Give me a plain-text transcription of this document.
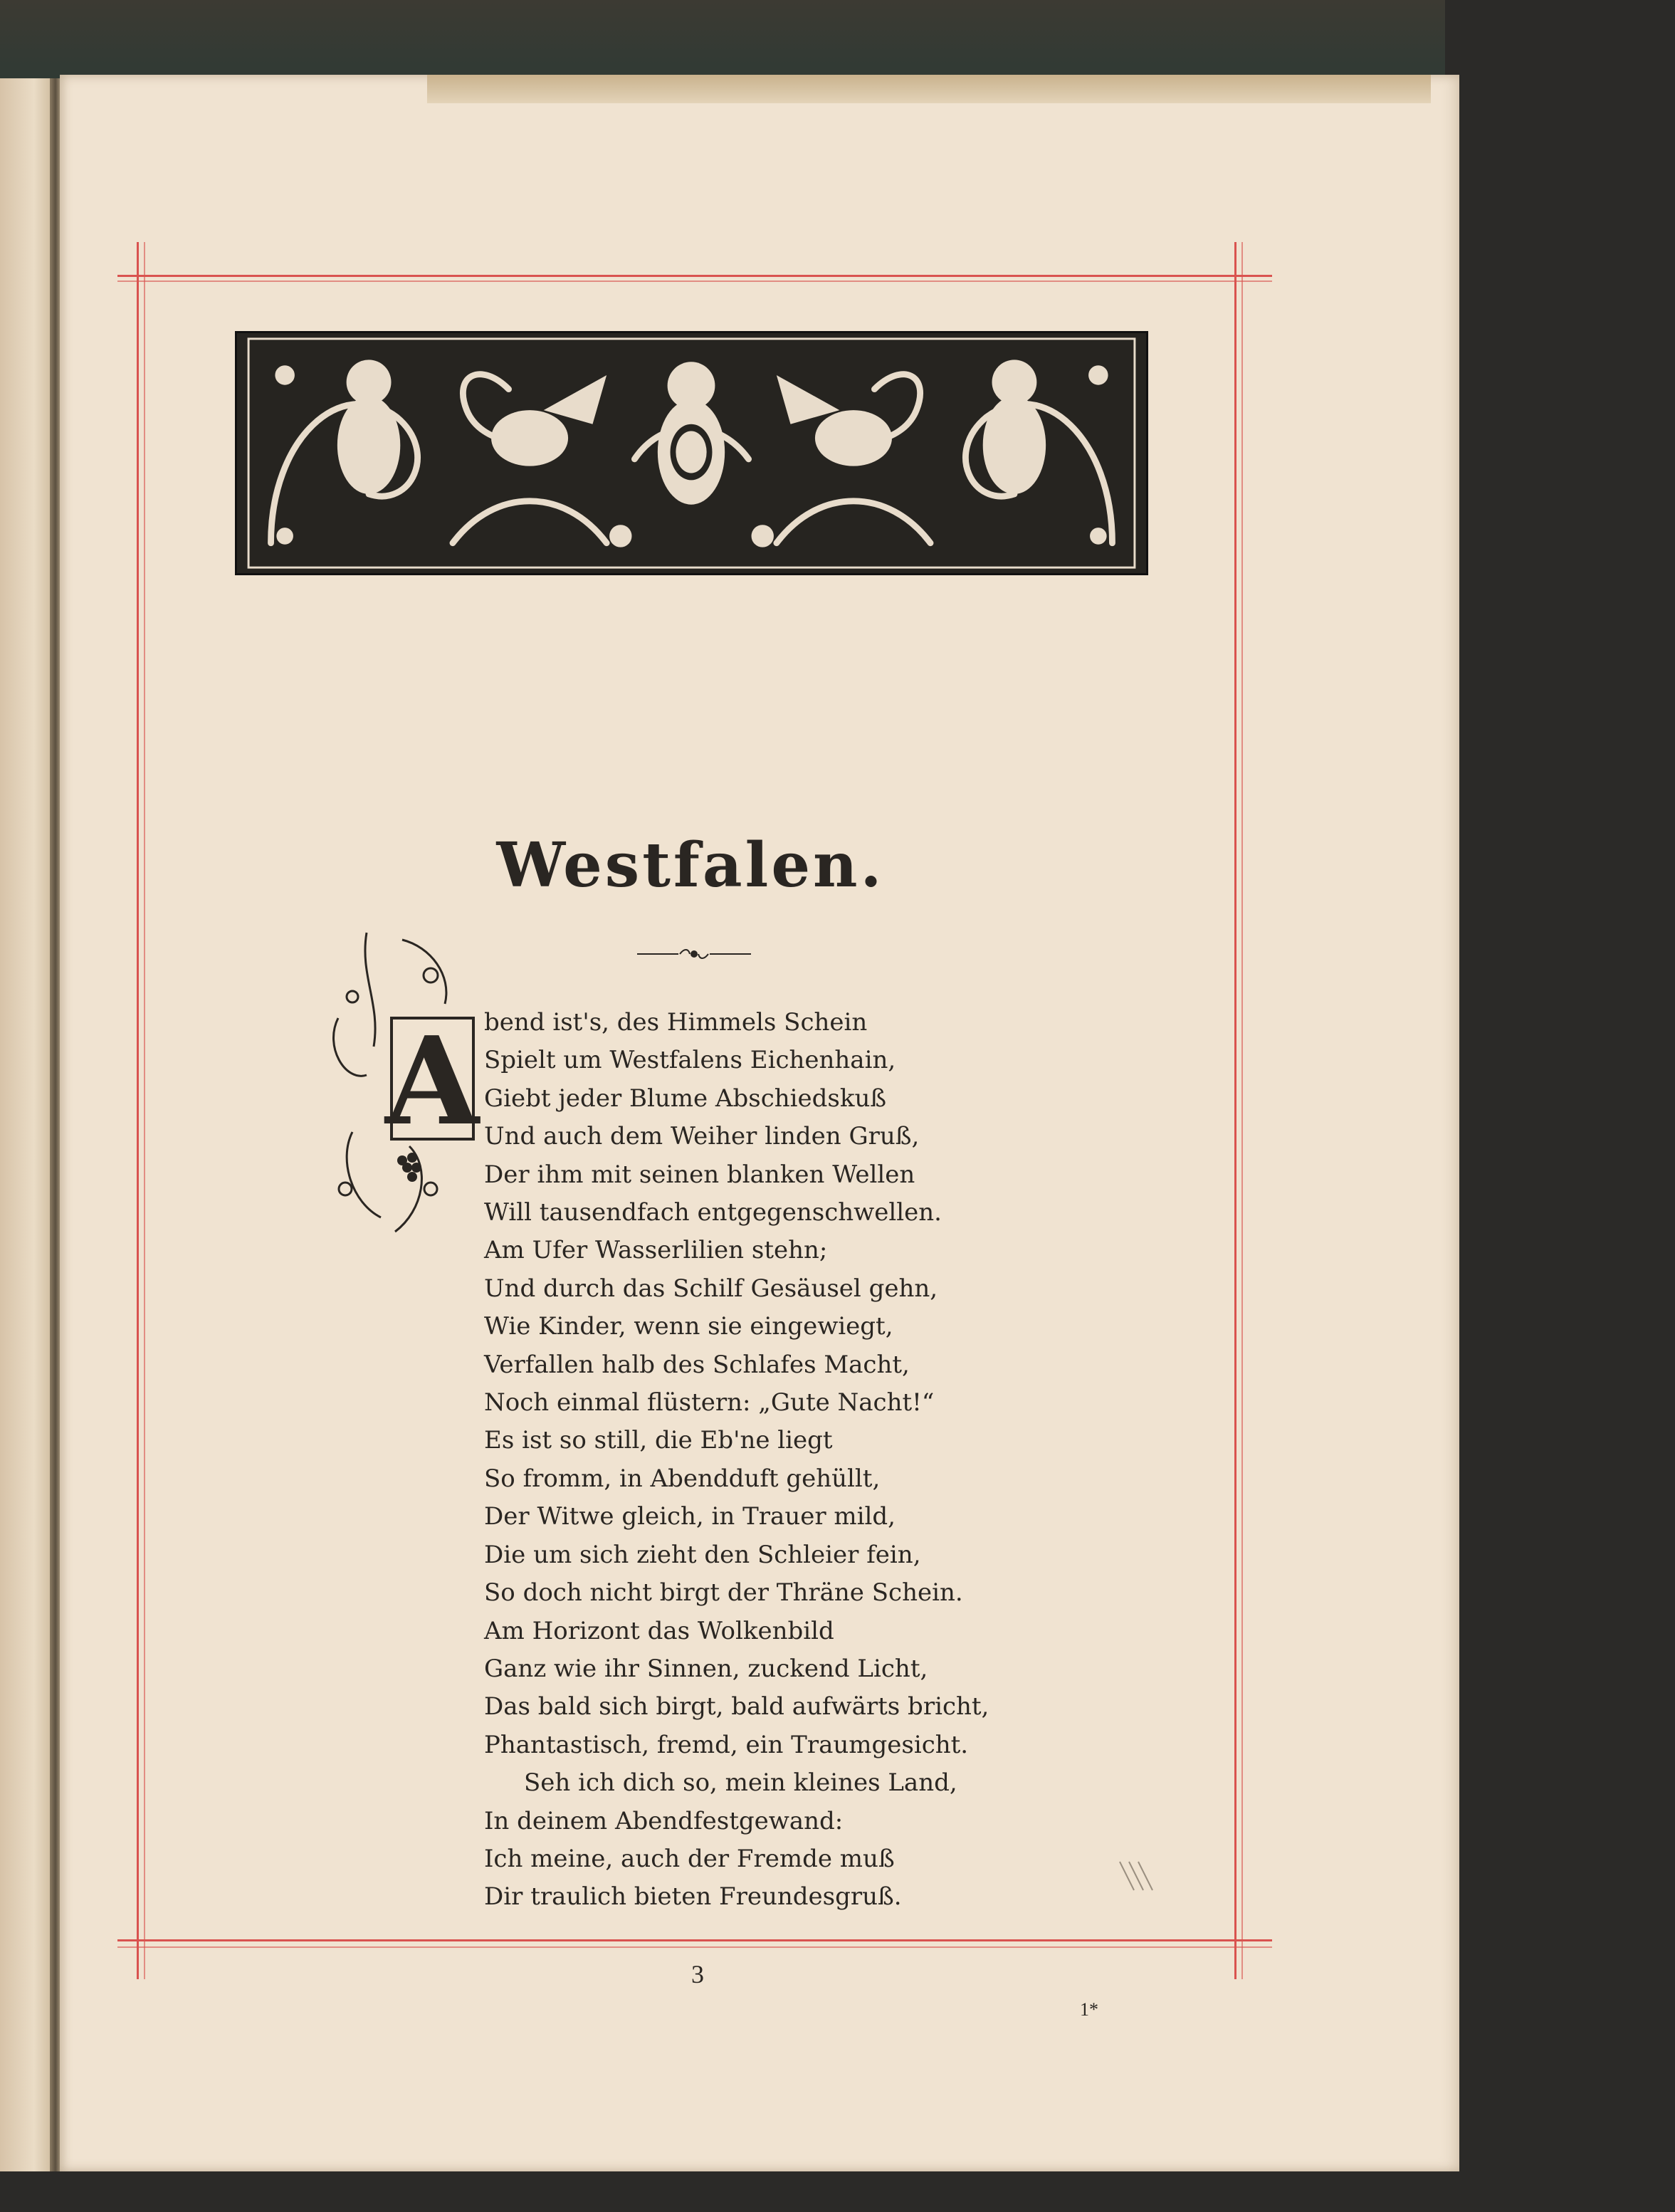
Westfalen.
A bend ist's, des Himmels Schein
Spielt um Westfalens Eichenhain,
Giebt jeder Blume Abschiedskuß
Und auch dem Weiher linden Gruß,
Der ihm mit seinen blanken Wellen
Will tausendfach entgegenschwellen.
Am Ufer Wasserlilien stehn;
Und durch das Schilf Gesäusel gehn,
Wie Kinder, wenn sie eingewiegt,
Verfallen halb des Schlafes Macht,
Noch einmal flüstern: „Gute Nacht!“
Es ist so still, die Eb'ne liegt
So fromm, in Abendduft gehüllt,
Der Witwe gleich, in Trauer mild,
Die um sich zieht den Schleier fein,
So doch nicht birgt der Thräne Schein.
Am Horizont das Wolkenbild
Ganz wie ihr Sinnen, zuckend Licht,
Das bald sich birgt, bald aufwärts bricht,
Phantastisch, fremd, ein Traumgesicht.
Seh ich dich so, mein kleines Land,
In deinem Abendfestgewand:
Ich meine, auch der Fremde muß
Dir traulich bieten Freundesgruß.
3
1*
